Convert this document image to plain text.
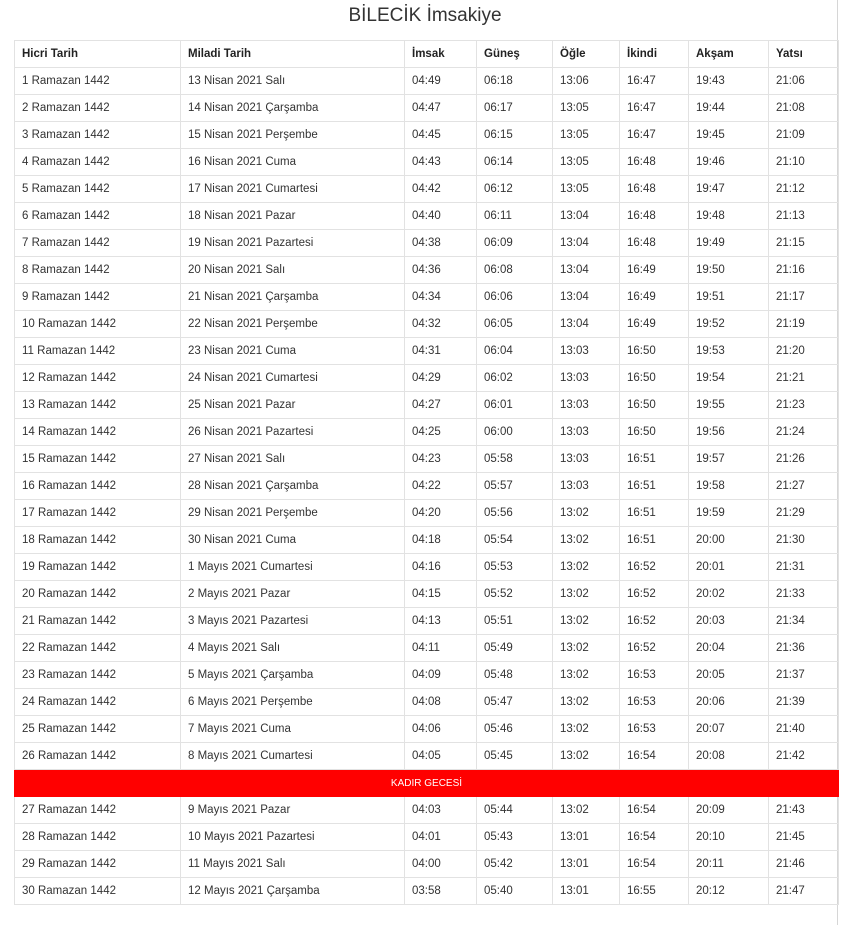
BİLECİK İmsakiye
Hicri Tarih	Miladi Tarih	İmsak	Güneş	Öğle	İkindi	Akşam	Yatsı
1 Ramazan 1442	13 Nisan 2021 Salı	04:49	06:18	13:06	16:47	19:43	21:06
2 Ramazan 1442	14 Nisan 2021 Çarşamba	04:47	06:17	13:05	16:47	19:44	21:08
3 Ramazan 1442	15 Nisan 2021 Perşembe	04:45	06:15	13:05	16:47	19:45	21:09
4 Ramazan 1442	16 Nisan 2021 Cuma	04:43	06:14	13:05	16:48	19:46	21:10
5 Ramazan 1442	17 Nisan 2021 Cumartesi	04:42	06:12	13:05	16:48	19:47	21:12
6 Ramazan 1442	18 Nisan 2021 Pazar	04:40	06:11	13:04	16:48	19:48	21:13
7 Ramazan 1442	19 Nisan 2021 Pazartesi	04:38	06:09	13:04	16:48	19:49	21:15
8 Ramazan 1442	20 Nisan 2021 Salı	04:36	06:08	13:04	16:49	19:50	21:16
9 Ramazan 1442	21 Nisan 2021 Çarşamba	04:34	06:06	13:04	16:49	19:51	21:17
10 Ramazan 1442	22 Nisan 2021 Perşembe	04:32	06:05	13:04	16:49	19:52	21:19
11 Ramazan 1442	23 Nisan 2021 Cuma	04:31	06:04	13:03	16:50	19:53	21:20
12 Ramazan 1442	24 Nisan 2021 Cumartesi	04:29	06:02	13:03	16:50	19:54	21:21
13 Ramazan 1442	25 Nisan 2021 Pazar	04:27	06:01	13:03	16:50	19:55	21:23
14 Ramazan 1442	26 Nisan 2021 Pazartesi	04:25	06:00	13:03	16:50	19:56	21:24
15 Ramazan 1442	27 Nisan 2021 Salı	04:23	05:58	13:03	16:51	19:57	21:26
16 Ramazan 1442	28 Nisan 2021 Çarşamba	04:22	05:57	13:03	16:51	19:58	21:27
17 Ramazan 1442	29 Nisan 2021 Perşembe	04:20	05:56	13:02	16:51	19:59	21:29
18 Ramazan 1442	30 Nisan 2021 Cuma	04:18	05:54	13:02	16:51	20:00	21:30
19 Ramazan 1442	1 Mayıs 2021 Cumartesi	04:16	05:53	13:02	16:52	20:01	21:31
20 Ramazan 1442	2 Mayıs 2021 Pazar	04:15	05:52	13:02	16:52	20:02	21:33
21 Ramazan 1442	3 Mayıs 2021 Pazartesi	04:13	05:51	13:02	16:52	20:03	21:34
22 Ramazan 1442	4 Mayıs 2021 Salı	04:11	05:49	13:02	16:52	20:04	21:36
23 Ramazan 1442	5 Mayıs 2021 Çarşamba	04:09	05:48	13:02	16:53	20:05	21:37
24 Ramazan 1442	6 Mayıs 2021 Perşembe	04:08	05:47	13:02	16:53	20:06	21:39
25 Ramazan 1442	7 Mayıs 2021 Cuma	04:06	05:46	13:02	16:53	20:07	21:40
26 Ramazan 1442	8 Mayıs 2021 Cumartesi	04:05	05:45	13:02	16:54	20:08	21:42
KADIR GECESİ							
27 Ramazan 1442	9 Mayıs 2021 Pazar	04:03	05:44	13:02	16:54	20:09	21:43
28 Ramazan 1442	10 Mayıs 2021 Pazartesi	04:01	05:43	13:01	16:54	20:10	21:45
29 Ramazan 1442	11 Mayıs 2021 Salı	04:00	05:42	13:01	16:54	20:11	21:46
30 Ramazan 1442	12 Mayıs 2021 Çarşamba	03:58	05:40	13:01	16:55	20:12	21:47
